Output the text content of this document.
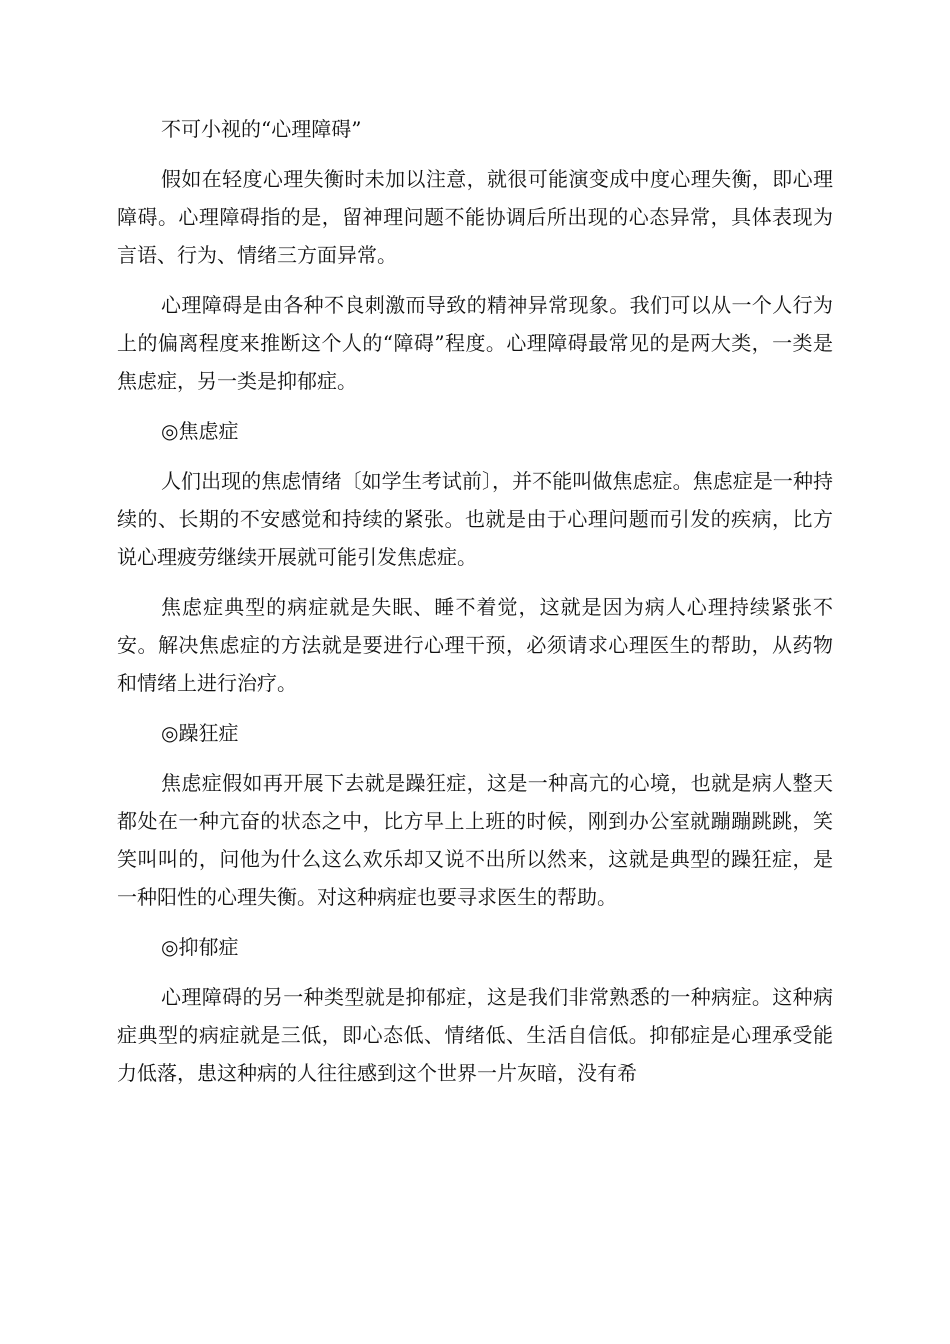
不可小视的“心理障碍”

假如在轻度心理失衡时未加以注意，就很可能演变成中度心理失衡，即心理障碍。心理障碍指的是，留神理问题不能协调后所出现的心态异常，具体表现为言语、行为、情绪三方面异常。

心理障碍是由各种不良刺激而导致的精神异常现象。我们可以从一个人行为上的偏离程度来推断这个人的“障碍”程度。心理障碍最常见的是两大类，一类是焦虑症，另一类是抑郁症。

◎焦虑症

人们出现的焦虑情绪〔如学生考试前〕，并不能叫做焦虑症。焦虑症是一种持续的、长期的不安感觉和持续的紧张。也就是由于心理问题而引发的疾病，比方说心理疲劳继续开展就可能引发焦虑症。

焦虑症典型的病症就是失眠、睡不着觉，这就是因为病人心理持续紧张不安。解决焦虑症的方法就是要进行心理干预，必须请求心理医生的帮助，从药物和情绪上进行治疗。

◎躁狂症

焦虑症假如再开展下去就是躁狂症，这是一种高亢的心境，也就是病人整天都处在一种亢奋的状态之中，比方早上上班的时候，刚到办公室就蹦蹦跳跳，笑笑叫叫的，问他为什么这么欢乐却又说不出所以然来，这就是典型的躁狂症，是一种阳性的心理失衡。对这种病症也要寻求医生的帮助。

◎抑郁症

心理障碍的另一种类型就是抑郁症，这是我们非常熟悉的一种病症。这种病症典型的病症就是三低，即心态低、情绪低、生活自信低。抑郁症是心理承受能力低落，患这种病的人往往感到这个世界一片灰暗，没有希
